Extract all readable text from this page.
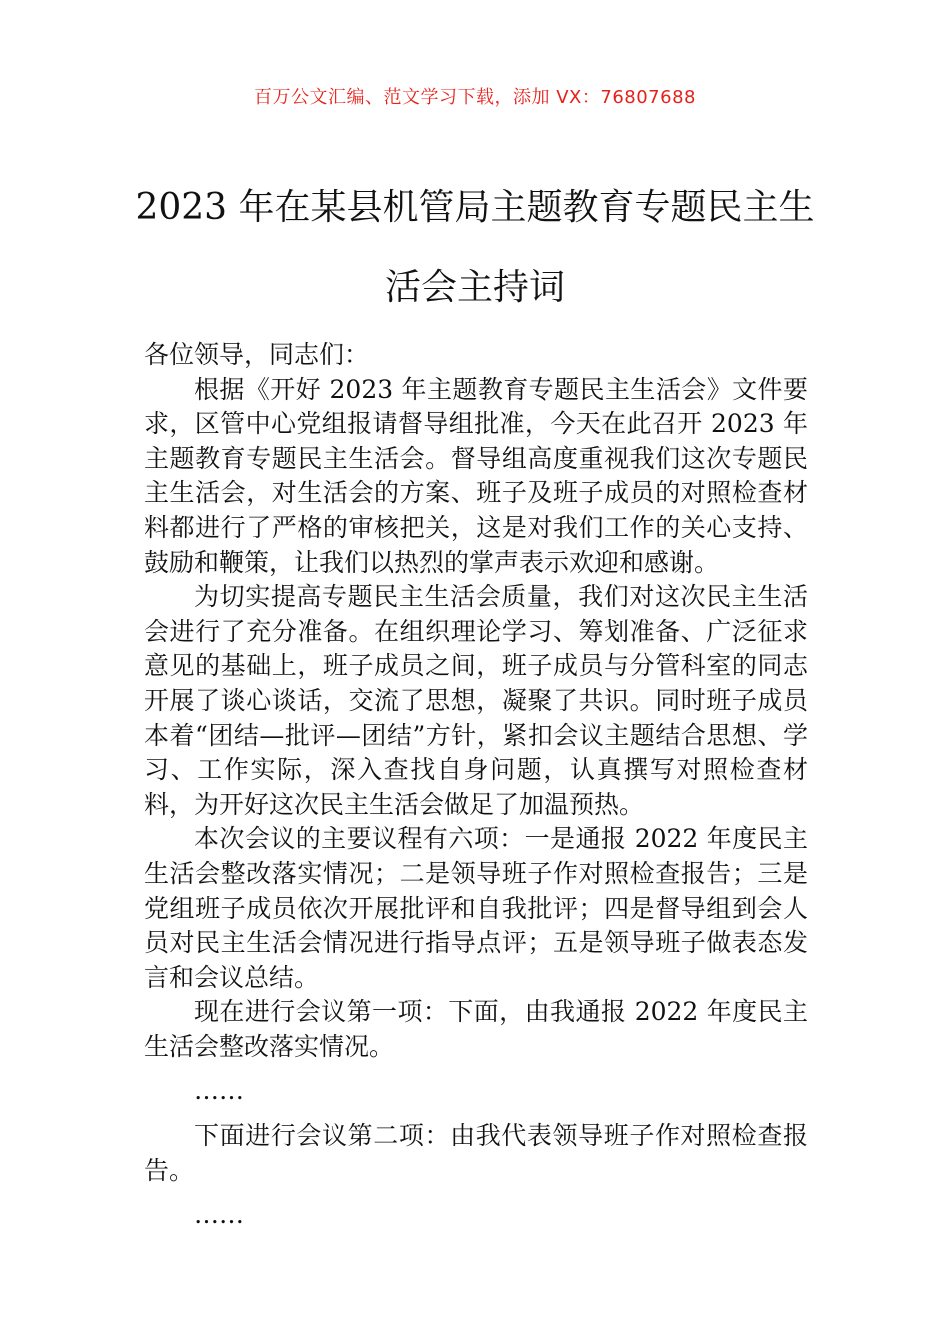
百万公文汇编、范文学习下载，添加 VX：76807688
2023 年在某县机管局主题教育专题民主生
活会主持词

各位领导，同志们：

根据《开好 2023 年主题教育专题民主生活会》文件要求，区管中心党组报请督导组批准，今天在此召开 2023 年主题教育专题民主生活会。督导组高度重视我们这次专题民主生活会，对生活会的方案、班子及班子成员的对照检查材料都进行了严格的审核把关，这是对我们工作的关心支持、鼓励和鞭策，让我们以热烈的掌声表示欢迎和感谢。

为切实提高专题民主生活会质量，我们对这次民主生活会进行了充分准备。在组织理论学习、筹划准备、广泛征求意见的基础上，班子成员之间，班子成员与分管科室的同志开展了谈心谈话，交流了思想，凝聚了共识。同时班子成员本着“团结—批评—团结”方针，紧扣会议主题结合思想、学习、工作实际，深入查找自身问题，认真撰写对照检查材料，为开好这次民主生活会做足了加温预热。

本次会议的主要议程有六项：一是通报 2022 年度民主生活会整改落实情况；二是领导班子作对照检查报告；三是党组班子成员依次开展批评和自我批评；四是督导组到会人员对民主生活会情况进行指导点评；五是领导班子做表态发言和会议总结。

现在进行会议第一项：下面，由我通报 2022 年度民主生活会整改落实情况。

……

下面进行会议第二项：由我代表领导班子作对照检查报告。

……
